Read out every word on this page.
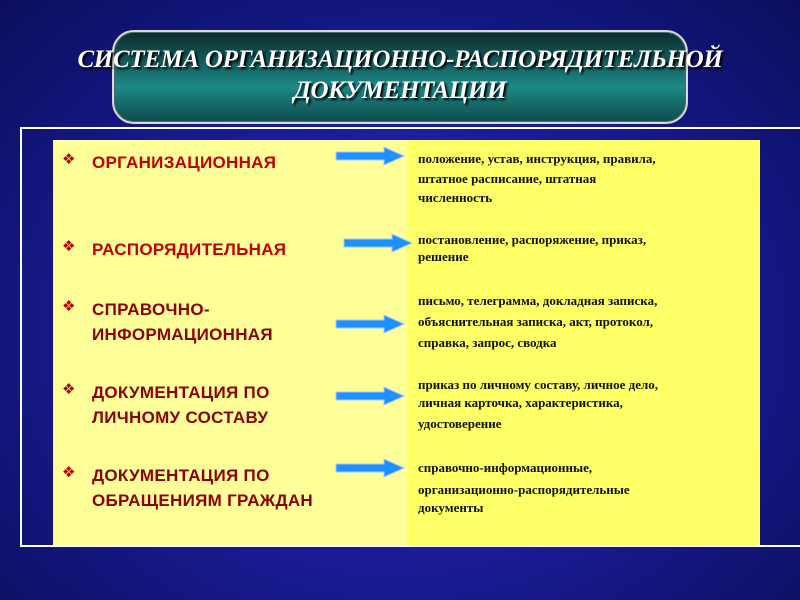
СИСТЕМА ОРГАНИЗАЦИОННО-РАСПОРЯДИТЕЛЬНОЙ
ДОКУМЕНТАЦИИ
❖ ОРГАНИЗАЦИОННАЯ	положение, устав, инструкция, правила,
штатное расписание, штатная
численность
❖ РАСПОРЯДИТЕЛЬНАЯ
постановление, распоряжение, приказ,
решение
❖ СПРАВОЧНО-
ИНФОРМАЦИОННАЯ
письмо, телеграмма, докладная записка,
объяснительная записка, акт, протокол,
справка, запрос, сводка
❖ ДОКУМЕНТАЦИЯ ПО
ЛИЧНОМУ СОСТАВУ
приказ по личному составу, личное дело,
личная карточка, характеристика,
удостоверение
❖ ДОКУМЕНТАЦИЯ ПО
ОБРАЩЕНИЯМ ГРАЖДАН
справочно-информационные,
организационно-распорядительные
документы
